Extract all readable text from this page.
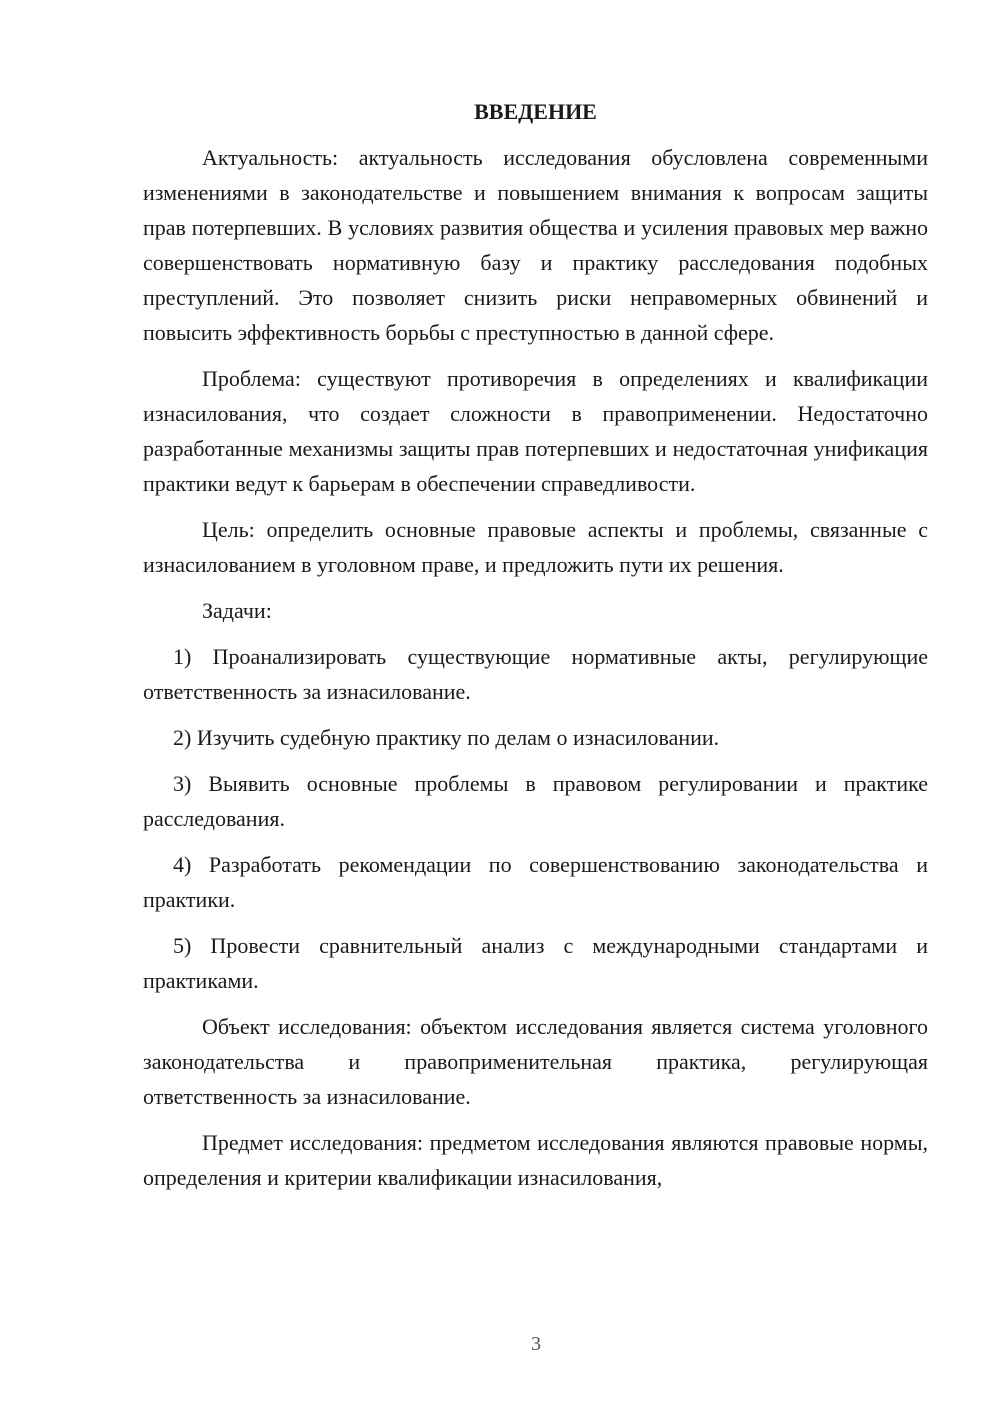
ВВЕДЕНИЕ

Актуальность: актуальность исследования обусловлена современными изменениями в законодательстве и повышением внимания к вопросам защиты прав потерпевших. В условиях развития общества и усиления правовых мер важно совершенствовать нормативную базу и практику расследования подобных преступлений. Это позволяет снизить риски неправомерных обвинений и повысить эффективность борьбы с преступностью в данной сфере.

Проблема: существуют противоречия в определениях и квалификации изнасилования, что создает сложности в правоприменении. Недостаточно разработанные механизмы защиты прав потерпевших и недостаточная унификация практики ведут к барьерам в обеспечении справедливости.

Цель: определить основные правовые аспекты и проблемы, связанные с изнасилованием в уголовном праве, и предложить пути их решения.

Задачи:

1) Проанализировать существующие нормативные акты, регулирующие ответственность за изнасилование.

2) Изучить судебную практику по делам о изнасиловании.

3) Выявить основные проблемы в правовом регулировании и практике расследования.

4) Разработать рекомендации по совершенствованию законодательства и практики.

5) Провести сравнительный анализ с международными стандартами и практиками.

Объект исследования: объектом исследования является система уголовного законодательства и правоприменительная практика, регулирующая ответственность за изнасилование.

Предмет исследования: предметом исследования являются правовые нормы, определения и критерии квалификации изнасилования,

3
